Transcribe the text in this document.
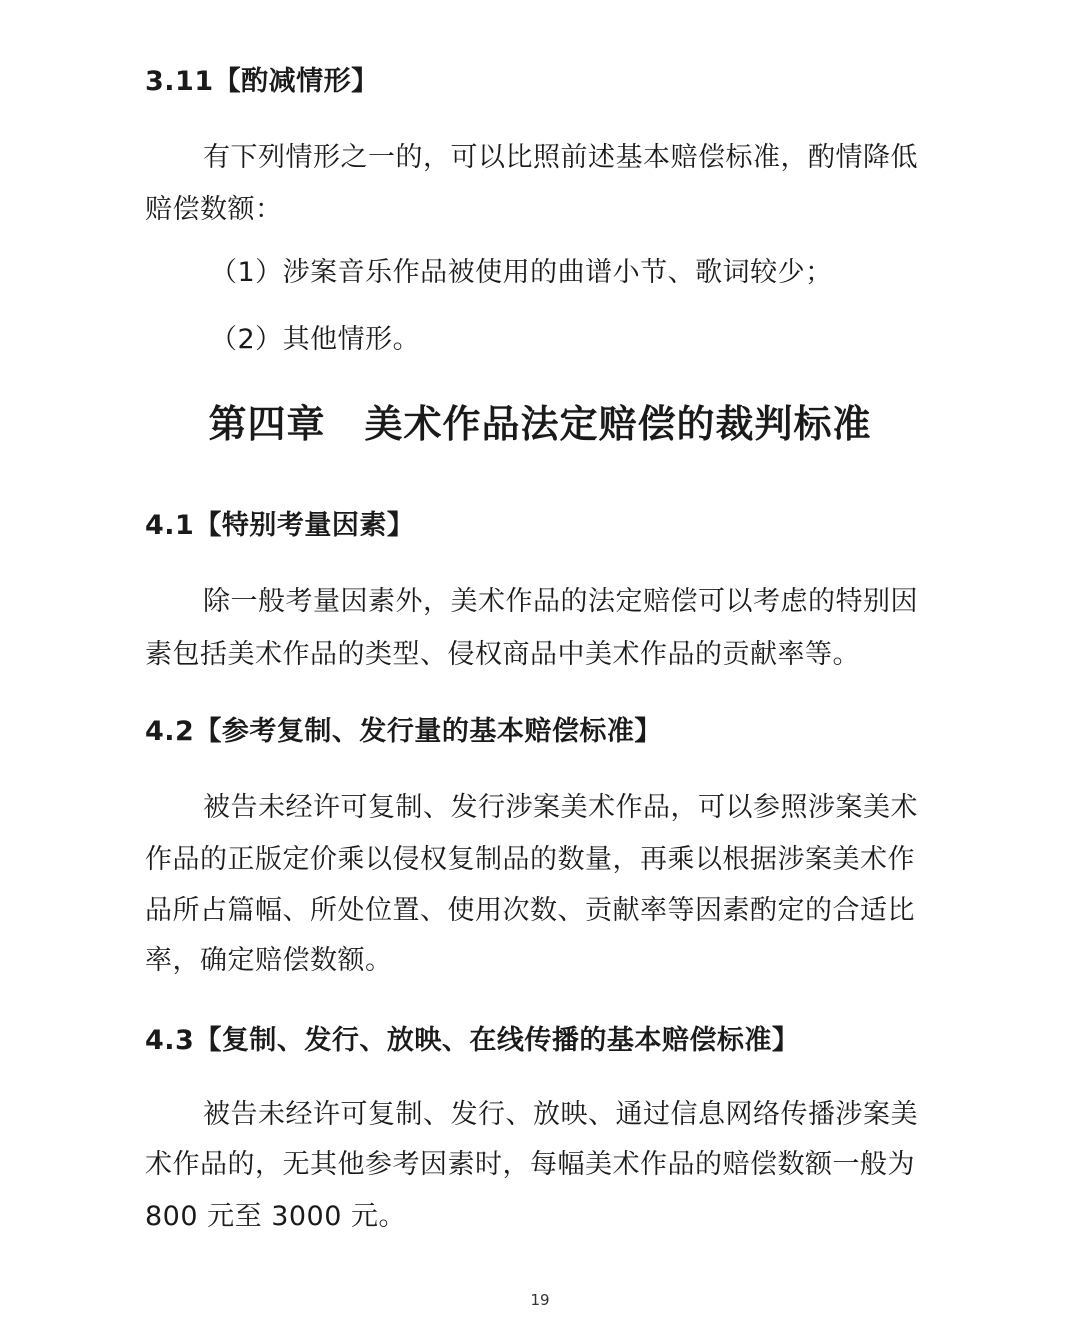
3.11【酌减情形】
有下列情形之一的，可以比照前述基本赔偿标准，酌情降低
赔偿数额：
（1）涉案音乐作品被使用的曲谱小节、歌词较少；
（2）其他情形。
第四章　美术作品法定赔偿的裁判标准
4.1【特别考量因素】
除一般考量因素外，美术作品的法定赔偿可以考虑的特别因
素包括美术作品的类型、侵权商品中美术作品的贡献率等。
4.2【参考复制、发行量的基本赔偿标准】
被告未经许可复制、发行涉案美术作品，可以参照涉案美术
作品的正版定价乘以侵权复制品的数量，再乘以根据涉案美术作
品所占篇幅、所处位置、使用次数、贡献率等因素酌定的合适比
率，确定赔偿数额。
4.3【复制、发行、放映、在线传播的基本赔偿标准】
被告未经许可复制、发行、放映、通过信息网络传播涉案美
术作品的，无其他参考因素时，每幅美术作品的赔偿数额一般为
800 元至 3000 元。
19
